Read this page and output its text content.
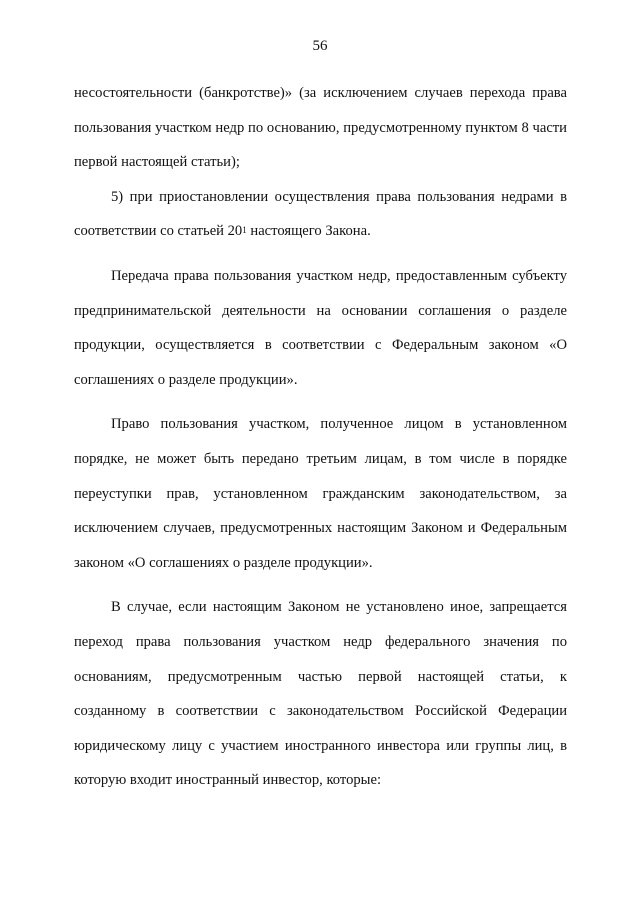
56

несостоятельности (банкротстве)» (за исключением случаев перехода права пользования участком недр по основанию, предусмотренному пунктом 8 части первой настоящей статьи);

5) при приостановлении осуществления права пользования недрами в соответствии со статьей $20^1$ настоящего Закона.

Передача права пользования участком недр, предоставленным субъекту предпринимательской деятельности на основании соглашения о разделе продукции, осуществляется в соответствии с Федеральным законом «О соглашениях о разделе продукции».

Право пользования участком, полученное лицом в установленном порядке, не может быть передано третьим лицам, в том числе в порядке переуступки прав, установленном гражданским законодательством, за исключением случаев, предусмотренных настоящим Законом и Федеральным законом «О соглашениях о разделе продукции».

В случае, если настоящим Законом не установлено иное, запрещается переход права пользования участком недр федерального значения по основаниям, предусмотренным частью первой настоящей статьи, к созданному в соответствии с законодательством Российской Федерации юридическому лицу с участием иностранного инвестора или группы лиц, в которую входит иностранный инвестор, которые:
